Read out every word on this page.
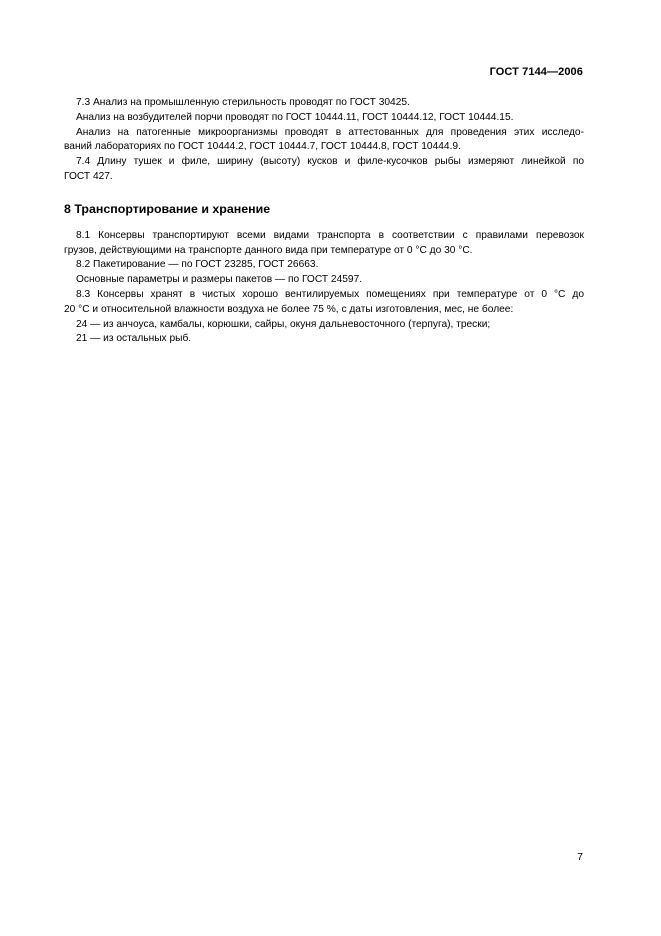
ГОСТ 7144—2006
7.3 Анализ на промышленную стерильность проводят по ГОСТ 30425.
Анализ на возбудителей порчи проводят по ГОСТ 10444.11, ГОСТ 10444.12, ГОСТ 10444.15.
Анализ на патогенные микроорганизмы проводят в аттестованных для проведения этих исследо-
ваний лабораториях по ГОСТ 10444.2, ГОСТ 10444.7, ГОСТ 10444.8, ГОСТ 10444.9.
7.4 Длину тушек и филе, ширину (высоту) кусков и филе-кусочков рыбы измеряют линейкой по
ГОСТ 427.
8 Транспортирование и хранение
8.1 Консервы транспортируют всеми видами транспорта в соответствии с правилами перевозок
грузов, действующими на транспорте данного вида при температуре от 0 °С до 30 °С.
8.2 Пакетирование — по ГОСТ 23285, ГОСТ 26663.
Основные параметры и размеры пакетов — по ГОСТ 24597.
8.3 Консервы хранят в чистых хорошо вентилируемых помещениях при температуре от 0 °С до
20 °С и относительной влажности воздуха не более 75 %, с даты изготовления, мес, не более:
24 — из анчоуса, камбалы, корюшки, сайры, окуня дальневосточного (терпуга), трески;
21 — из остальных рыб.
7
